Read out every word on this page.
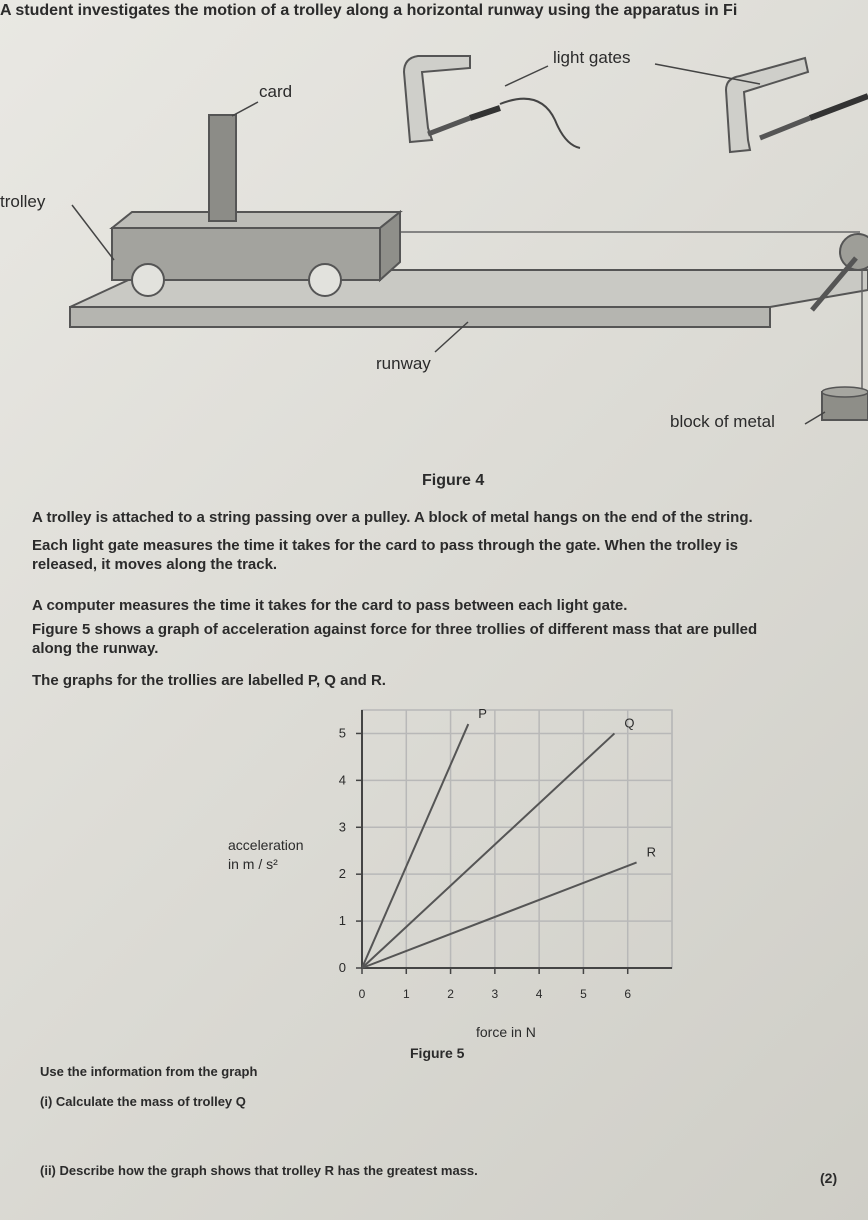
A student investigates the motion of a trolley along a horizontal runway using the apparatus in Fi
light gates
card
trolley
runway
block of metal
Figure 4
A trolley is attached to a string passing over a pulley. A block of metal hangs on the end of the string.
Each light gate measures the time it takes for the card to pass through the gate. When the trolley is
released, it moves along the track.
A computer measures the time it takes for the card to pass between each light gate.
Figure 5 shows a graph of acceleration against force for three trollies of different mass that are pulled
along the runway.
The graphs for the trollies are labelled P, Q and R.
0	1	2	3	4	5	6
0
1
2
3
4
5
P
Q
R
acceleration
in m / s²
force in N
Figure 5
Use the information from the graph
(i) Calculate the mass of trolley Q
(ii) Describe how the graph shows that trolley R has the greatest mass.	(2)
